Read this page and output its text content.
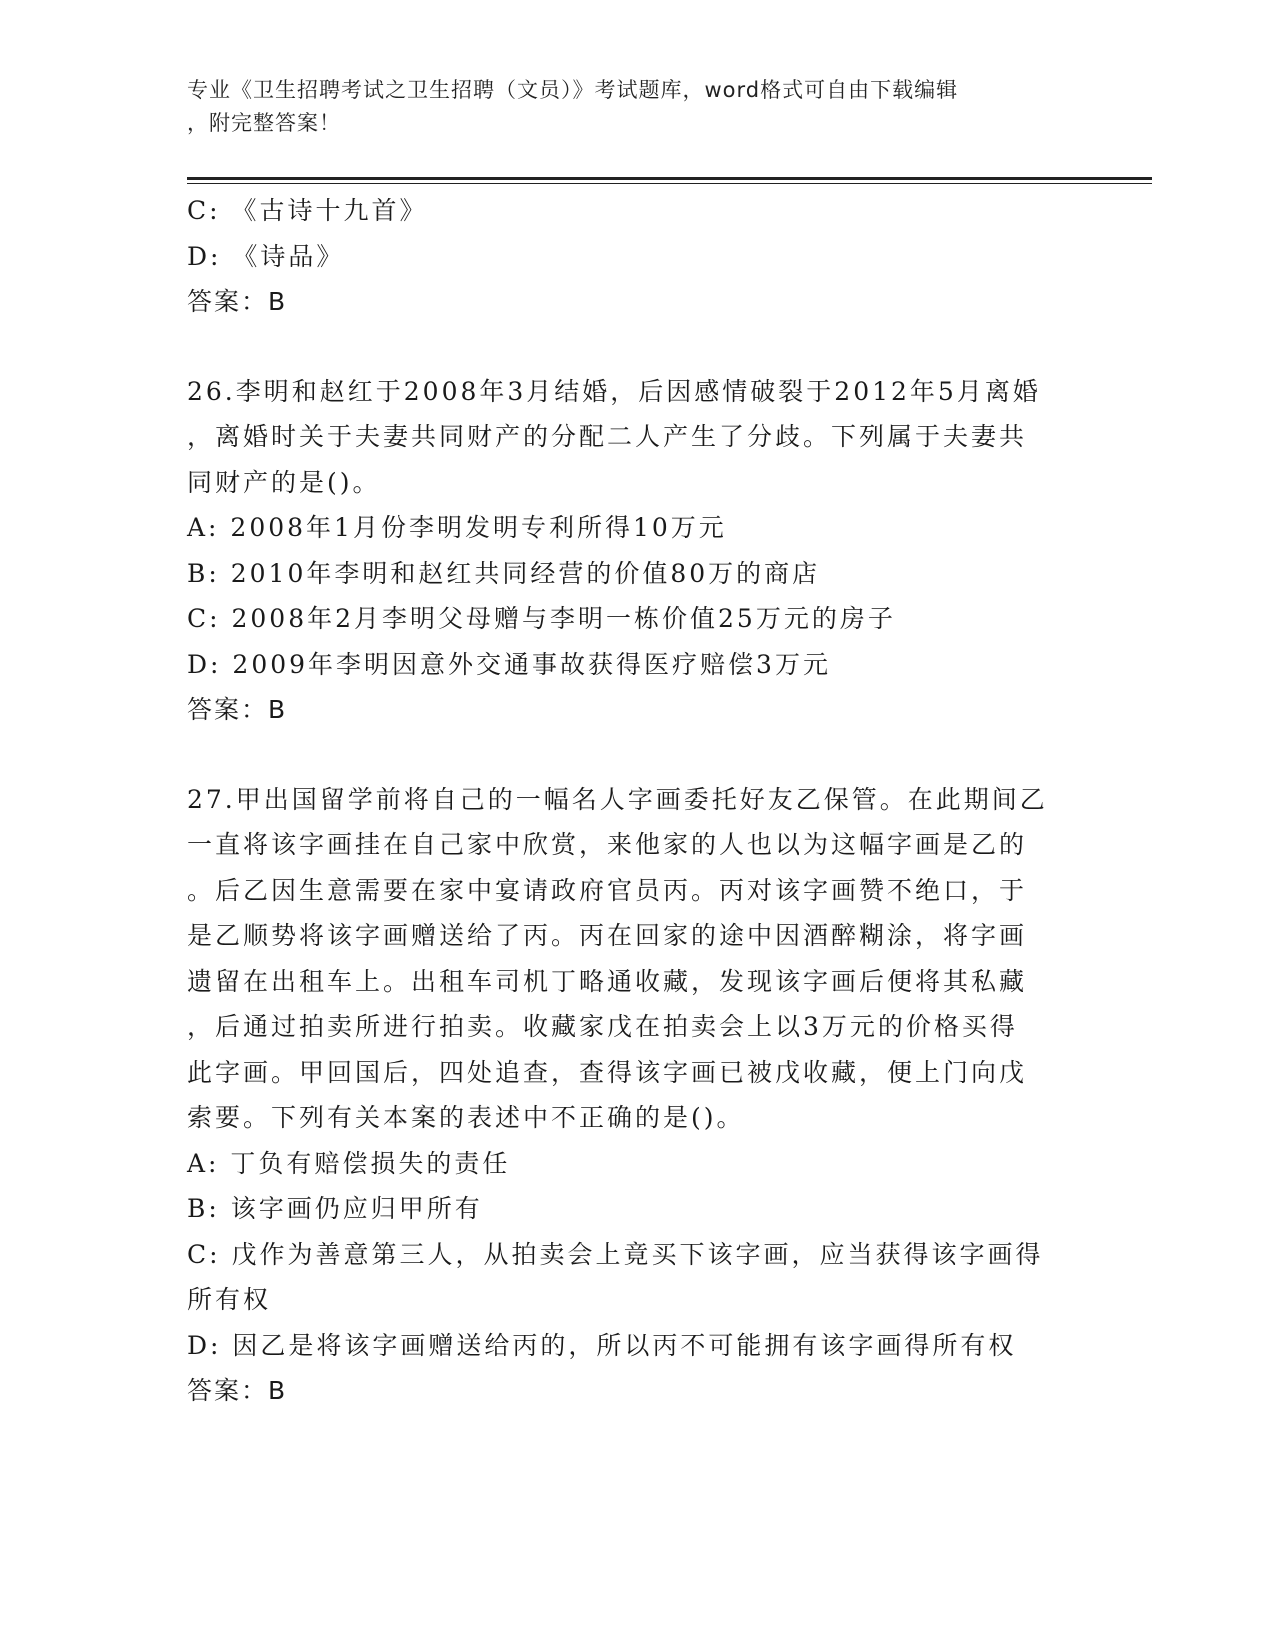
专业《卫生招聘考试之卫生招聘（文员）》考试题库，word格式可自由下载编辑
，附完整答案！
C: 《古诗十九首》
D: 《诗品》
答案：B
26.李明和赵红于2008年3月结婚，后因感情破裂于2012年5月离婚
，离婚时关于夫妻共同财产的分配二人产生了分歧。下列属于夫妻共
同财产的是()。
A: 2008年1月份李明发明专利所得10万元
B: 2010年李明和赵红共同经营的价值80万的商店
C: 2008年2月李明父母赠与李明一栋价值25万元的房子
D: 2009年李明因意外交通事故获得医疗赔偿3万元
答案：B
27.甲出国留学前将自己的一幅名人字画委托好友乙保管。在此期间乙
一直将该字画挂在自己家中欣赏，来他家的人也以为这幅字画是乙的
。后乙因生意需要在家中宴请政府官员丙。丙对该字画赞不绝口，于
是乙顺势将该字画赠送给了丙。丙在回家的途中因酒醉糊涂，将字画
遗留在出租车上。出租车司机丁略通收藏，发现该字画后便将其私藏
，后通过拍卖所进行拍卖。收藏家戊在拍卖会上以3万元的价格买得
此字画。甲回国后，四处追查，查得该字画已被戊收藏，便上门向戊
索要。下列有关本案的表述中不正确的是()。
A: 丁负有赔偿损失的责任
B: 该字画仍应归甲所有
C: 戊作为善意第三人，从拍卖会上竟买下该字画，应当获得该字画得
所有权
D: 因乙是将该字画赠送给丙的，所以丙不可能拥有该字画得所有权
答案：B
